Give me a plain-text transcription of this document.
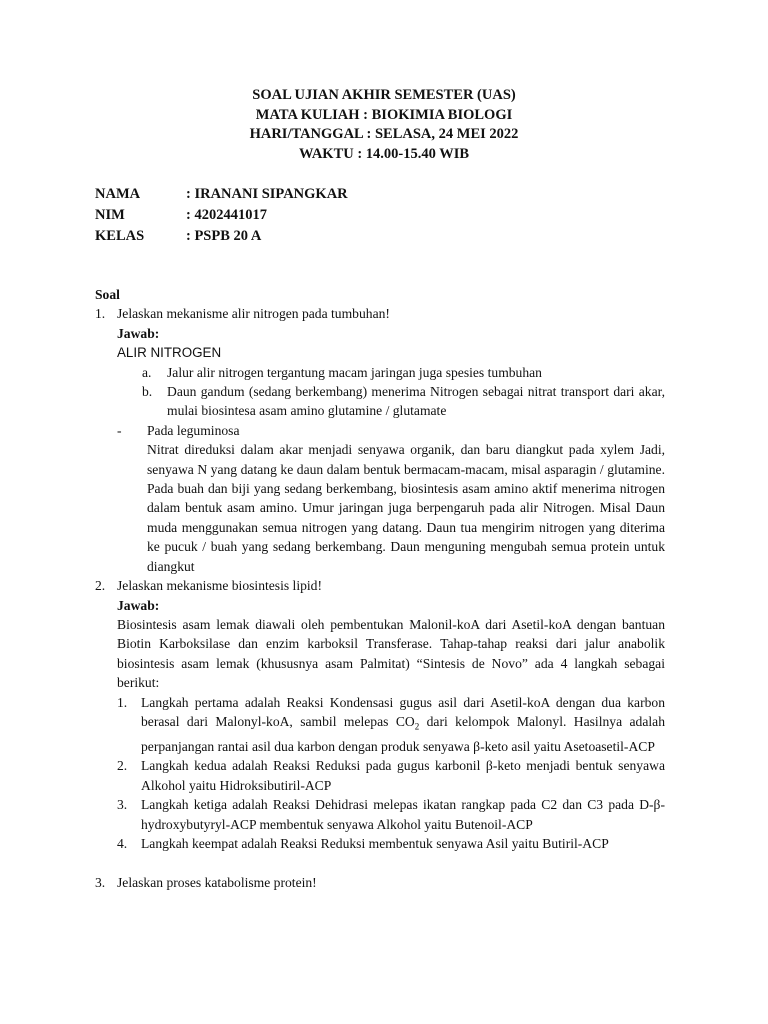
SOAL UJIAN AKHIR SEMESTER (UAS)
MATA KULIAH : BIOKIMIA BIOLOGI
HARI/TANGGAL : SELASA, 24 MEI 2022
WAKTU : 14.00-15.40 WIB
NAMA	: IRANANI SIPANGKAR
NIM	: 4202441017
KELAS	: PSPB 20 A
Soal
1. Jelaskan mekanisme alir nitrogen pada tumbuhan!
Jawab:
ALIR NITROGEN
a.	Jalur alir nitrogen tergantung macam jaringan juga spesies tumbuhan
b.	Daun gandum (sedang berkembang) menerima Nitrogen sebagai nitrat transport dari akar, mulai biosintesa asam amino glutamine / glutamate
-	Pada leguminosa
Nitrat direduksi dalam akar menjadi senyawa organik, dan baru diangkut pada xylem Jadi, senyawa N yang datang ke daun dalam bentuk bermacam-macam, misal asparagin / glutamine. Pada buah dan biji yang sedang berkembang, biosintesis asam amino aktif menerima nitrogen dalam bentuk asam amino. Umur jaringan juga berpengaruh pada alir Nitrogen. Misal Daun muda menggunakan semua nitrogen yang datang. Daun tua mengirim nitrogen yang diterima ke pucuk / buah yang sedang berkembang. Daun menguning mengubah semua protein untuk diangkut
2. Jelaskan mekanisme biosintesis lipid!
Jawab:
Biosintesis asam lemak diawali oleh pembentukan Malonil-koA dari Asetil-koA dengan bantuan Biotin Karboksilase dan enzim karboksil Transferase. Tahap-tahap reaksi dari jalur anabolik biosintesis asam lemak (khususnya asam Palmitat) “Sintesis de Novo” ada 4 langkah sebagai berikut:
1.	Langkah pertama adalah Reaksi Kondensasi gugus asil dari Asetil-koA dengan dua karbon berasal dari Malonyl-koA, sambil melepas $CO_2$ dari kelompok Malonyl. Hasilnya adalah perpanjangan rantai asil dua karbon dengan produk senyawa β-keto asil yaitu Asetoasetil-ACP
2.	Langkah kedua adalah Reaksi Reduksi pada gugus karbonil β-keto menjadi bentuk senyawa Alkohol yaitu Hidroksibutiril-ACP
3.	Langkah ketiga adalah Reaksi Dehidrasi melepas ikatan rangkap pada C2 dan C3 pada D-β-hydroxybutyryl-ACP membentuk senyawa Alkohol yaitu Butenoil-ACP
4.	Langkah keempat adalah Reaksi Reduksi membentuk senyawa Asil yaitu Butiril-ACP
3. Jelaskan proses katabolisme protein!
